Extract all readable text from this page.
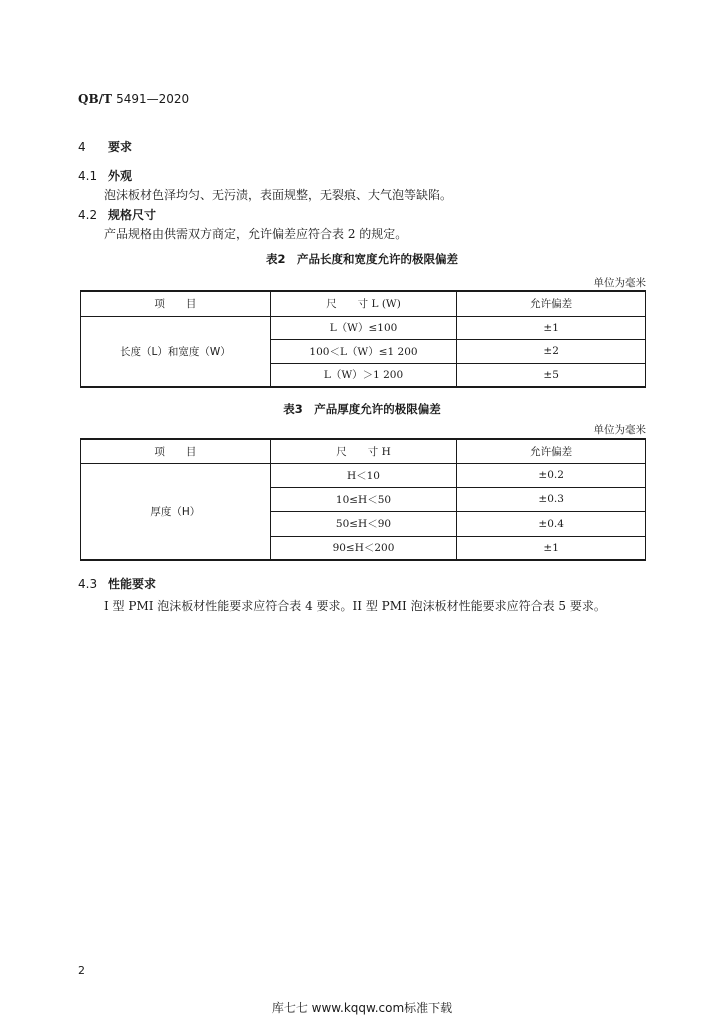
QB/T 5491—2020
4 要求
4.1 外观
泡沫板材色泽均匀、无污渍，表面规整，无裂痕、大气泡等缺陷。
4.2 规格尺寸
产品规格由供需双方商定，允许偏差应符合表 2 的规定。
表2　产品长度和宽度允许的极限偏差
单位为毫米
项　　目	尺　　寸 L (W)	允许偏差
长度（L）和宽度（W）	L（W）≤100	±1
	100＜L（W）≤1 200	±2
	L（W）＞1 200	±5
表3　产品厚度允许的极限偏差
单位为毫米
项　　目	尺　　寸 H	允许偏差
厚度（H）	H＜10	±0.2
	10≤H＜50	±0.3
	50≤H＜90	±0.4
	90≤H＜200	±1
4.3 性能要求
I 型 PMI 泡沫板材性能要求应符合表 4 要求。II 型 PMI 泡沫板材性能要求应符合表 5 要求。
2
库七七 www.kqqw.com标准下载
